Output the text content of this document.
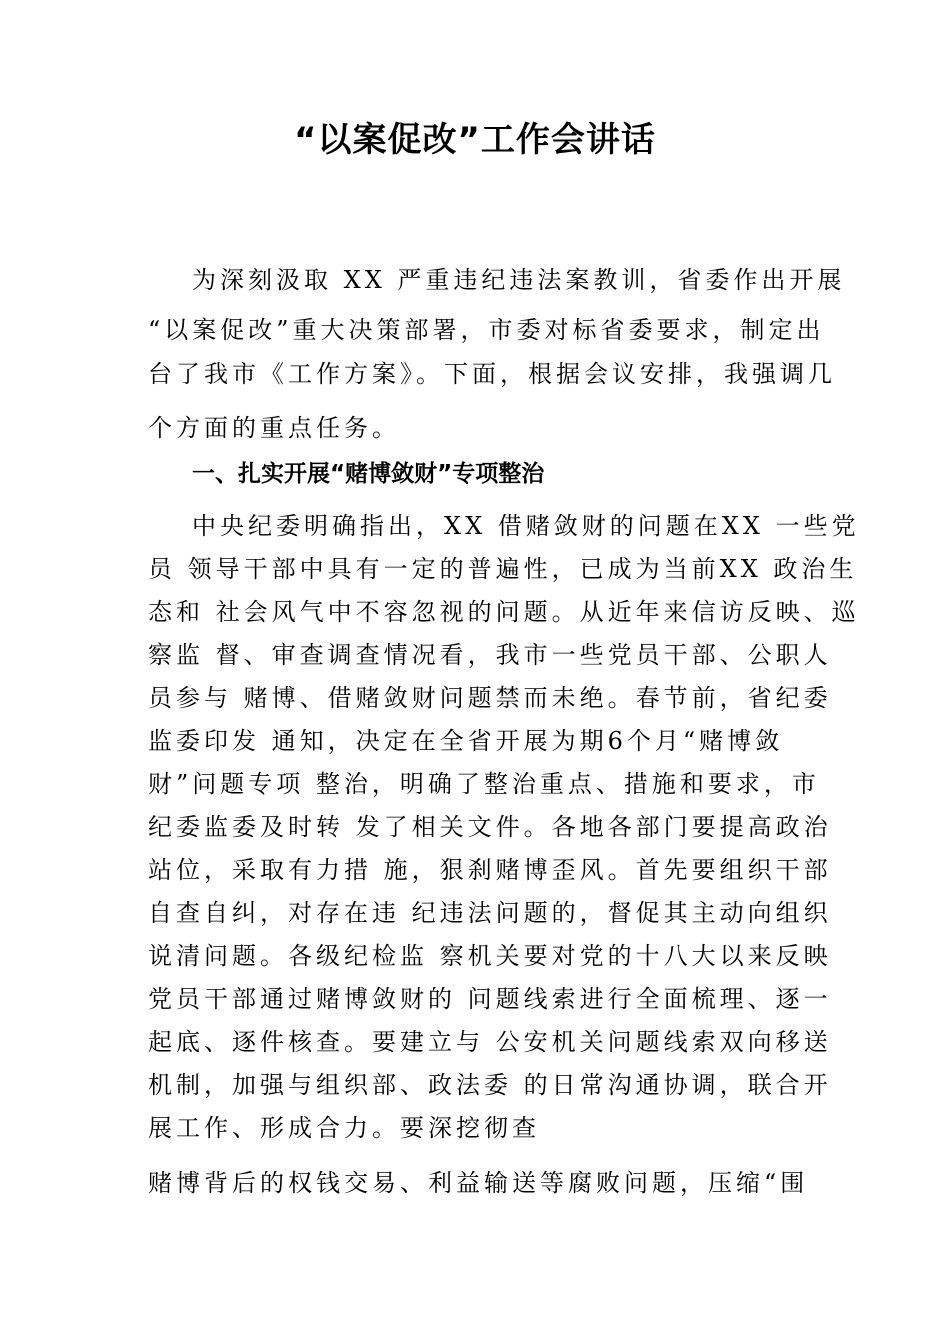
“以案促改”工作会讲话

为深刻汲取 XX 严重违纪违法案教训，省委作出开展

“以案促改”重大决策部署，市委对标省委要求，制定出

台了我市《工作方案》。下面，根据会议安排，我强调几

个方面的重点任务。

一、扎实开展“赌博敛财”专项整治

中央纪委明确指出，XX 借赌敛财的问题在XX 一些党

员 领导干部中具有一定的普遍性，已成为当前XX 政治生

态和 社会风气中不容忽视的问题。从近年来信访反映、巡

察监 督、审查调查情况看，我市一些党员干部、公职人

员参与 赌博、借赌敛财问题禁而未绝。春节前，省纪委

监委印发 通知，决定在全省开展为期6个月“赌博敛

财”问题专项 整治，明确了整治重点、措施和要求，市

纪委监委及时转 发了相关文件。各地各部门要提高政治

站位，采取有力措 施，狠刹赌博歪风。首先要组织干部

自查自纠，对存在违 纪违法问题的，督促其主动向组织

说清问题。各级纪检监 察机关要对党的十八大以来反映

党员干部通过赌博敛财的 问题线索进行全面梳理、逐一

起底、逐件核查。要建立与 公安机关问题线索双向移送

机制，加强与组织部、政法委 的日常沟通协调，联合开

展工作、形成合力。要深挖彻查

赌博背后的权钱交易、利益输送等腐败问题，压缩“围
